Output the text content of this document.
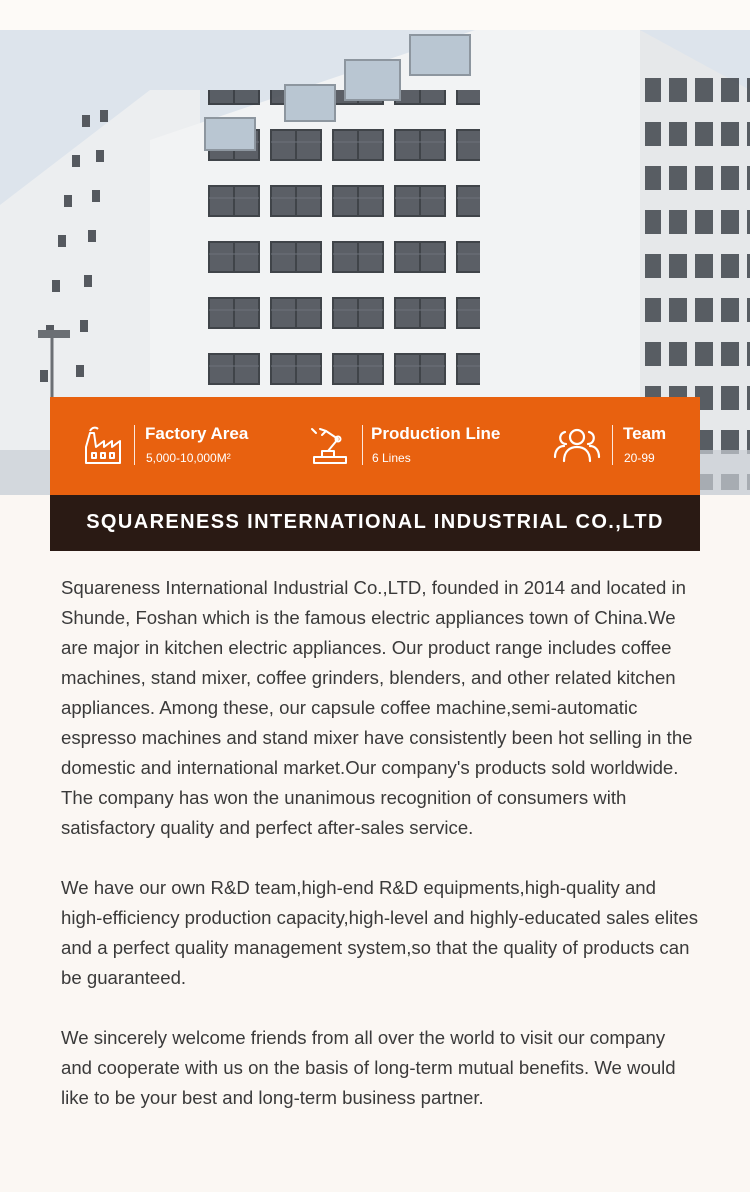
Factory Area
5,000-10,000M²
Production Line
6 Lines
Team
20-99
SQUARENESS INTERNATIONAL INDUSTRIAL CO.,LTD

Squareness International Industrial Co.,LTD, founded in 2014 and located in Shunde, Foshan which is the famous electric appliances town of China.We are major in kitchen electric appliances. Our product range includes coffee machines, stand mixer, coffee grinders, blenders, and other related kitchen appliances. Among these, our capsule coffee machine,semi-automatic espresso machines and stand mixer have consistently been hot selling in the domestic and international market.Our company's products sold worldwide. The company has won the unanimous recognition of consumers with satisfactory quality and perfect after-sales service.

We have our own R&D team,high-end R&D equipments,high-quality and high-efficiency production capacity,high-level and highly-educated sales elites and a perfect quality management system,so that the quality of products can be guaranteed.

We sincerely welcome friends from all over the world to visit our company and cooperate with us on the basis of long-term mutual benefits. We would like to be your best and long-term business partner.
